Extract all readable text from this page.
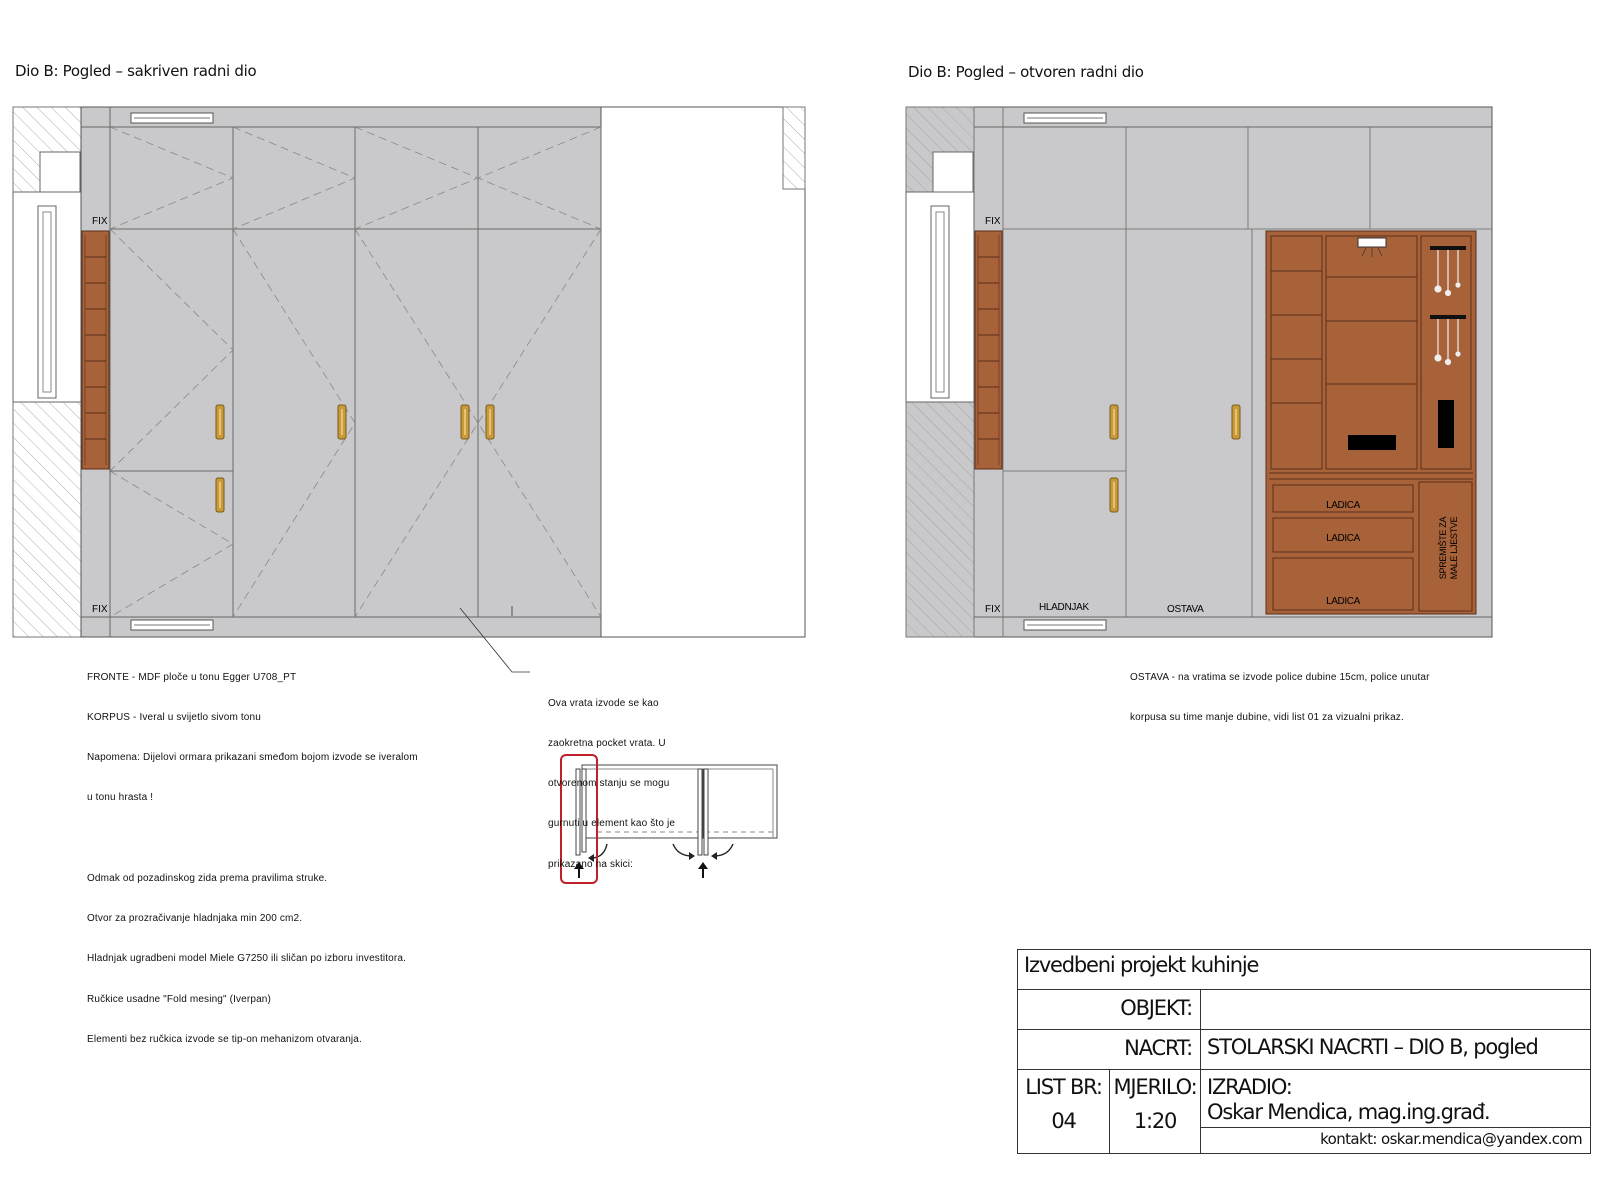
Dio B: Pogled – sakriven radni dio	Dio B: Pogled – otvoren radni dio
FIX
FIX
FIX
FIX	HLADNJAK	OSTAVA
LADICA
LADICA
LADICA
SPREMIŠTE ZA MALE LJESTVE

FRONTE - MDF ploče u tonu Egger U708_PT

KORPUS - Iveral u svijetlo sivom tonu

Napomena: Dijelovi ormara prikazani smeđom bojom izvode se iveralom

u tonu hrasta !

Odmak od pozadinskog zida prema pravilima struke.

Otvor za prozračivanje hladnjaka min 200 cm2.

Hladnjak ugradbeni model Miele G7250 ili sličan po izboru investitora.

Ručkice usadne "Fold mesing" (Iverpan)

Elementi bez ručkica izvode se tip-on mehanizom otvaranja.

Ova vrata izvode se kao

zaokretna pocket vrata. U

otvorenom stanju se mogu

gurnuti u element kao što je

prikazano na skici:

OSTAVA - na vratima se izvode police dubine 15cm, police unutar

korpusa su time manje dubine, vidi list 01 za vizualni prikaz.

Izvedbeni projekt kuhinje
OBJEKT:
NACRT: STOLARSKI NACRTI – DIO B, pogled
LIST BR:
04
MJERILO:
1:20
IZRADIO:
Oskar Mendica, mag.ing.građ.
kontakt: oskar.mendica@yandex.com
